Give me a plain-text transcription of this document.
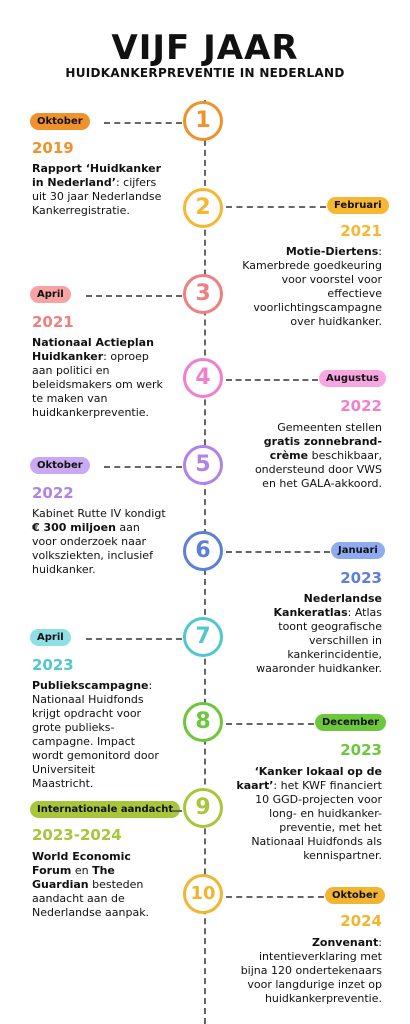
VIJF JAAR
HUIDKANKERPREVENTIE IN NEDERLAND
Oktober	1
2019
Rapport ‘Huidkanker in Nederland’: cijfers uit 30 jaar Nederlandse Kankerregistratie.	2	Februari
2021
Motie-Diertens: Kamerbrede goedkeuring voor voorstel voor effectieve voorlichtingscampagne over huidkanker.
April	3
2021
Nationaal Actieplan Huidkanker: oproep aan politici en beleidsmakers om werk te maken van huidkankerpreventie.
4	Augustus
2022
Gemeenten stellen gratis zonnebrand-crème beschikbaar, ondersteund door VWS en het GALA-akkoord.
Oktober	5
2022
Kabinet Rutte IV kondigt € 300 miljoen aan voor onderzoek naar volksziekten, inclusief huidkanker.
6	Januari
2023
Nederlandse Kankeratlas: Atlas toont geografische verschillen in kankerincidentie, waaronder huidkanker.
April	7
2023
Publiekscampagne: Nationaal Huidfonds krijgt opdracht voor grote publieks-campagne. Impact wordt gemonitord door Universiteit Maastricht.
8	December
2023
‘Kanker lokaal op de kaart’: het KWF financiert 10 GGD-projecten voor long- en huidkanker-preventie, met het Nationaal Huidfonds als kennispartner.
Internationale aandacht	9
2023-2024
World Economic Forum en The Guardian besteden aandacht aan de Nederlandse aanpak.
10	Oktober
2024
Zonvenant: intentieverklaring met bijna 120 ondertekenaars voor langdurige inzet op huidkankerpreventie.
